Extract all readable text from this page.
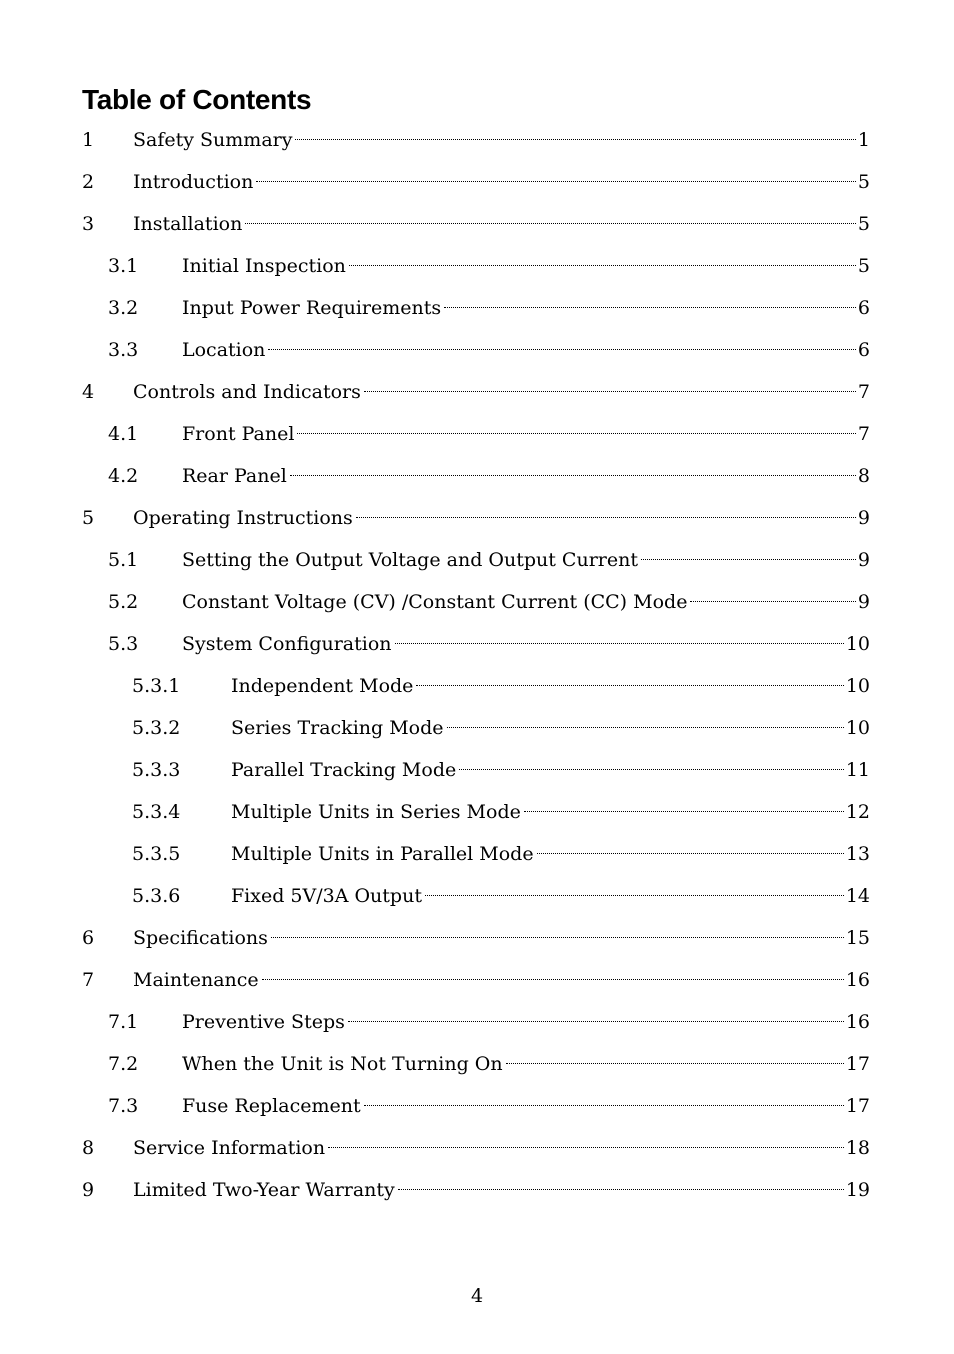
Table of Contents
1 Safety Summary	1
2 Introduction	5
3 Installation	5
3.1 Initial Inspection	5
3.2 Input Power Requirements	6
3.3 Location	6
4 Controls and Indicators	7
4.1 Front Panel	7
4.2 Rear Panel	8
5 Operating Instructions	9
5.1 Setting the Output Voltage and Output Current	9
5.2 Constant Voltage (CV) /Constant Current (CC) Mode	9
5.3 System Configuration	10
5.3.1	Independent Mode	10
5.3.2	Series Tracking Mode	10
5.3.3	Parallel Tracking Mode	11
5.3.4	Multiple Units in Series Mode	12
5.3.5	Multiple Units in Parallel Mode	13
5.3.6	Fixed 5V/3A Output	14
6 Specifications	15
7 Maintenance	16
7.1 Preventive Steps	16
7.2 When the Unit is Not Turning On	17
7.3 Fuse Replacement	17
8 Service Information	18
9 Limited Two-Year Warranty	19
4
